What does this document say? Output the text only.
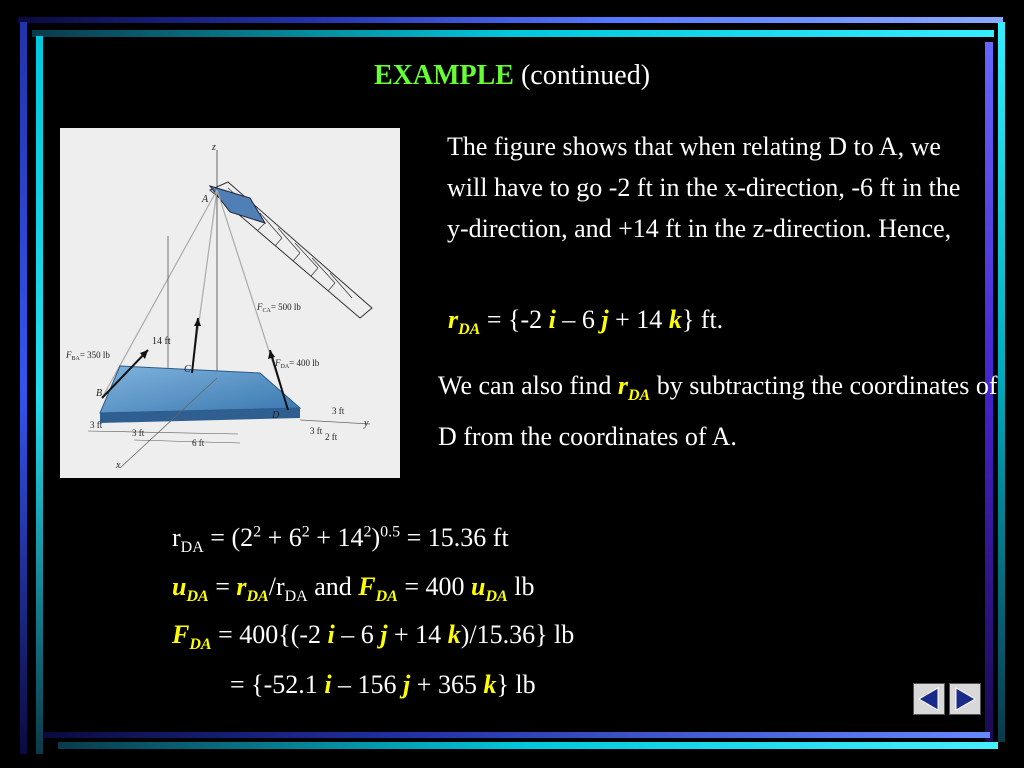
EXAMPLE (continued)
z
A
14 ft
$F_{BA}= 350$ lb
$F_{CA}= 500$ lb
$F_{DA}= 400$ lb
B
C
D
x
y
3 ft
3 ft
6 ft
3 ft
3 ft
2 ft
The figure shows that when relating D to A, we will have to go -2 ft in the x-direction, -6 ft in the y-direction, and +14 ft in the z-direction. Hence,
$r_{DA} = \{-2$ i – 6 j + 14 k} ft.
We can also find $r_{DA}$ by subtracting the coordinates of D from the coordinates of A.
$r_{DA} = (2^2 + 6^2 + 14^2)^{0.5} = 15.36$ ft
$u_{DA} = r_{DA}/r_{DA}$ and $F_{DA} = 400$ $u_{DA}$ lb
$F_{DA} = 400\{(-2$ i – 6 j + 14 k)/15.36} lb
= {-52.1 i – 156 j + 365 k} lb
